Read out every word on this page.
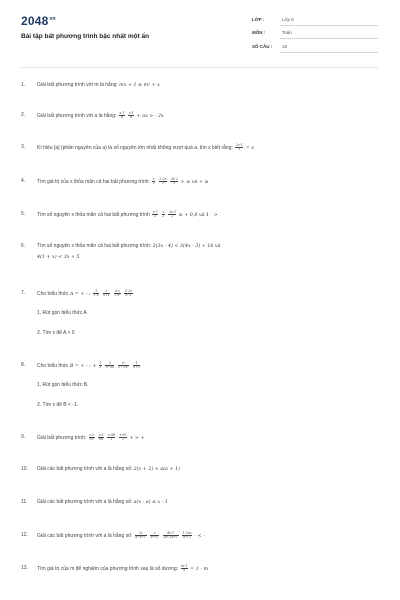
$2048^{vn}$
Bài tập bất phương trình bậc nhất một ẩn
LỚP :	Lớp 8
MÔN :	Toán
SỐ CÂU : 18
1.	Giải bất phương trình với m là hằng: mx + 1 ≥ m² + x
2.	Giải bất phương trình với a là hằng: $\frac{x-1}{a}$
$\frac{x-1}{a}$ + ax > - 2x
3.	Kí hiệu [a] (phần nguyên của a) là số nguyên lớn nhất không vượt quá a. tìm x biết rằng: $\frac{2x-1}{3} = x$
4.	Tìm giá trị của x thỏa mãn cả hai bất phương trình: $\frac{x}{5}$
$\frac{2-2x}{3}$
$\frac{3x-2}{5}$ + ≥ và + ≥
5.	Tìm số nguyên x thỏa mãn cả hai bất phương trình $\frac{x-2}{5}$
$\frac{x}{2}$
$\frac{2x-3}{2}$ ≥ + 0,8 và 1 - >
6.	Tìm số nguyên x thỏa mãn cả hai bất phương trình: 2(3x - 4) < 3(4x - 3) + 16 và
4(1 + x) < 3x + 5
7.	Cho biểu thức A = + - : $\frac{1}{1-x}$
$\frac{2}{x+1}$
$\frac{5-x}{\text{1-x²}}$
$\frac{1-2x}{\text{x²-1}}$
1. Rút gọn biểu thức A
2. Tìm x để A > 0
8.	Cho biểu thức B = + - : + $\frac{1}{3}$
$\frac{3}{\text{x²-3x}}$
$\frac{\text{x²}}{\text{27-3x²}}$
$\frac{1}{x+3}$
1. Rút gọn biểu thức B.
2. Tìm x để B < -1.
9.	Giải bất phương trình: $\frac{x-2}{99}$
$\frac{x-3}{98}$
$\frac{x-98}{3}$
$\frac{x-99}{2}$ + > +
10.	Giải các bất phương trình với a là hằng số: 2(x + 2) < a(a + 1)
11.	Giải các bất phương trình với a là hằng số: a(x - a) ≤ x - 1
12.	Giải các bất phương trình với a là hằng số: $\frac{2x}{\text{a²-a+1}}$
$\frac{x}{\text{a²+2}}$
$\frac{4x-1}{\text{2a²-2a+1}}$
$\frac{1-2ax}{\text{a²+2}}$ - < -
13.	Tìm giá trị của m để nghiệm của phương trình sau là số dương: $\frac{m-1}{x} = 1 - m$
